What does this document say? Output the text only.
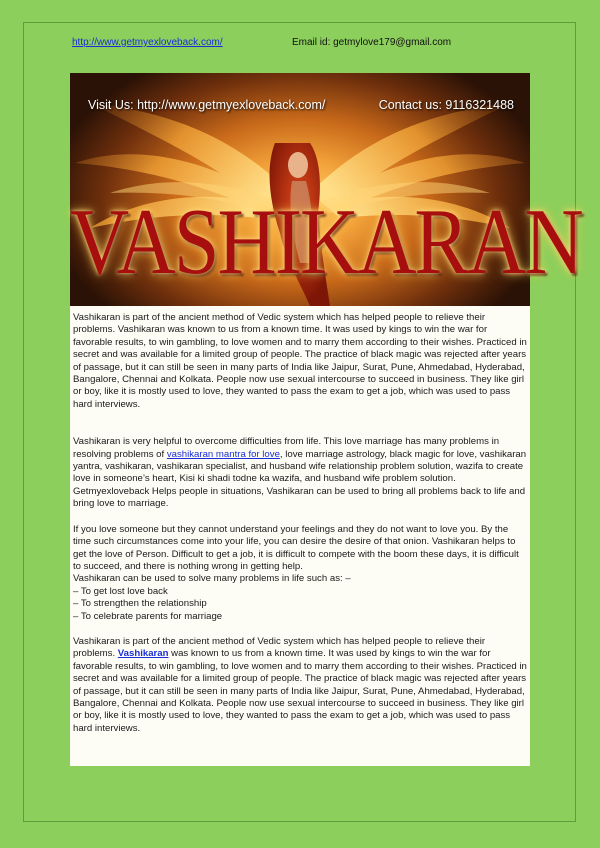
http://www.getmyexloveback.com/	Email id: getmylove179@gmail.com
Visit Us: http://www.getmyexloveback.com/	Contact us: 9116321488
VASHIKARAN

Vashikaran is part of the ancient method of Vedic system which has helped people to relieve their problems. Vashikaran was known to us from a known time. It was used by kings to win the war for favorable results, to win gambling, to love women and to marry them according to their wishes. Practiced in secret and was available for a limited group of people. The practice of black magic was rejected after years of passage, but it can still be seen in many parts of India like Jaipur, Surat, Pune, Ahmedabad, Hyderabad, Bangalore, Chennai and Kolkata. People now use sexual intercourse to succeed in business. They like girl or boy, like it is mostly used to love, they wanted to pass the exam to get a job, which was used to pass hard interviews.

Vashikaran is very helpful to overcome difficulties from life. This love marriage has many problems in resolving problems of vashikaran mantra for love, love marriage astrology, black magic for love, vashikaran yantra, vashikaran, vashikaran specialist, and husband wife relationship problem solution, wazifa to create love in someone’s heart, Kisi ki shadi todne ka wazifa, and husband wife problem solution. Getmyexloveback Helps people in situations, Vashikaran can be used to bring all problems back to life and bring love to marriage.

If you love someone but they cannot understand your feelings and they do not want to love you. By the time such circumstances come into your life, you can desire the desire of that onion. Vashikaran helps to get the love of Person. Difficult to get a job, it is difficult to compete with the boom these days, it is difficult to succeed, and there is nothing wrong in getting help.

Vashikaran can be used to solve many problems in life such as: –

– To get lost love back

– To strengthen the relationship

– To celebrate parents for marriage

Vashikaran is part of the ancient method of Vedic system which has helped people to relieve their problems. Vashikaran was known to us from a known time. It was used by kings to win the war for favorable results, to win gambling, to love women and to marry them according to their wishes. Practiced in secret and was available for a limited group of people. The practice of black magic was rejected after years of passage, but it can still be seen in many parts of India like Jaipur, Surat, Pune, Ahmedabad, Hyderabad, Bangalore, Chennai and Kolkata. People now use sexual intercourse to succeed in business. They like girl or boy, like it is mostly used to love, they wanted to pass the exam to get a job, which was used to pass hard interviews.
